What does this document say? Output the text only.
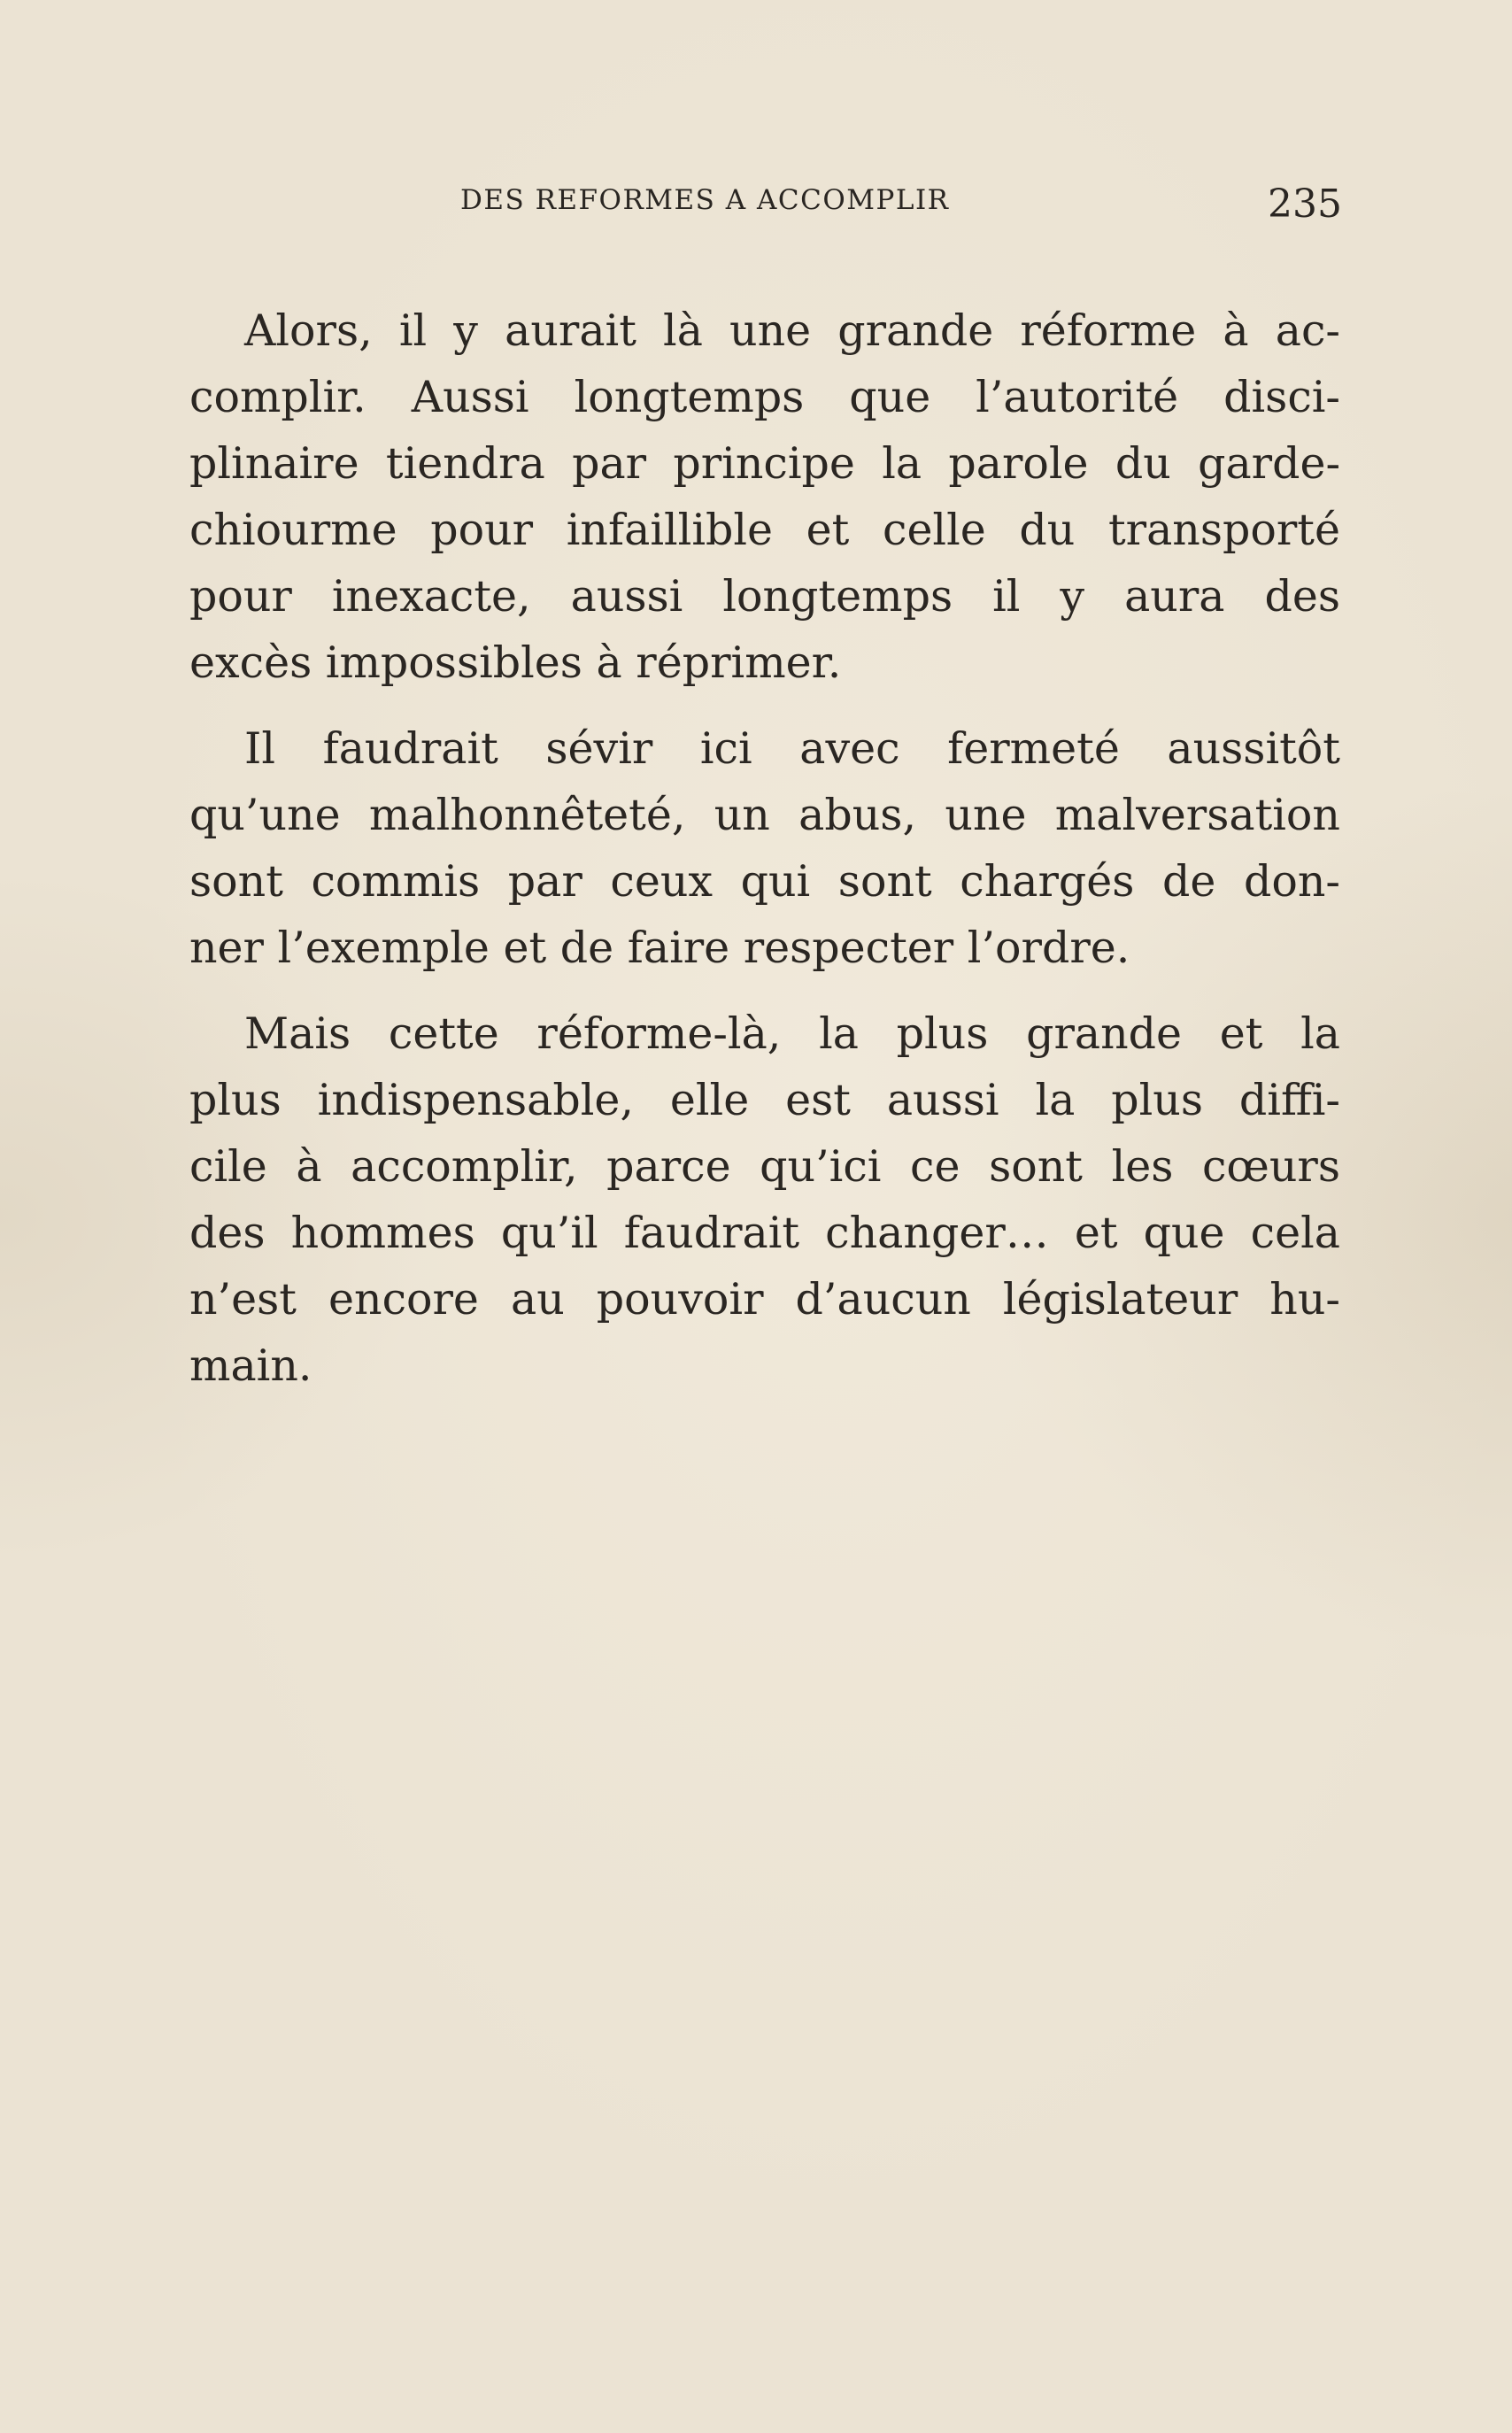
DES REFORMES A ACCOMPLIR	235
Alors, il y aurait là une grande réforme à ac-
complir. Aussi longtemps que l’autorité disci-
plinaire tiendra par principe la parole du garde-
chiourme pour infaillible et celle du transporté
pour inexacte, aussi longtemps il y aura des
excès impossibles à réprimer.
Il faudrait sévir ici avec fermeté aussitôt
qu’une malhonnêteté, un abus, une malversation
sont commis par ceux qui sont chargés de don-
ner l’exemple et de faire respecter l’ordre.
Mais cette réforme-là, la plus grande et la
plus indispensable, elle est aussi la plus diffi-
cile à accomplir, parce qu’ici ce sont les cœurs
des hommes qu’il faudrait changer… et que cela
n’est encore au pouvoir d’aucun législateur hu-
main.
